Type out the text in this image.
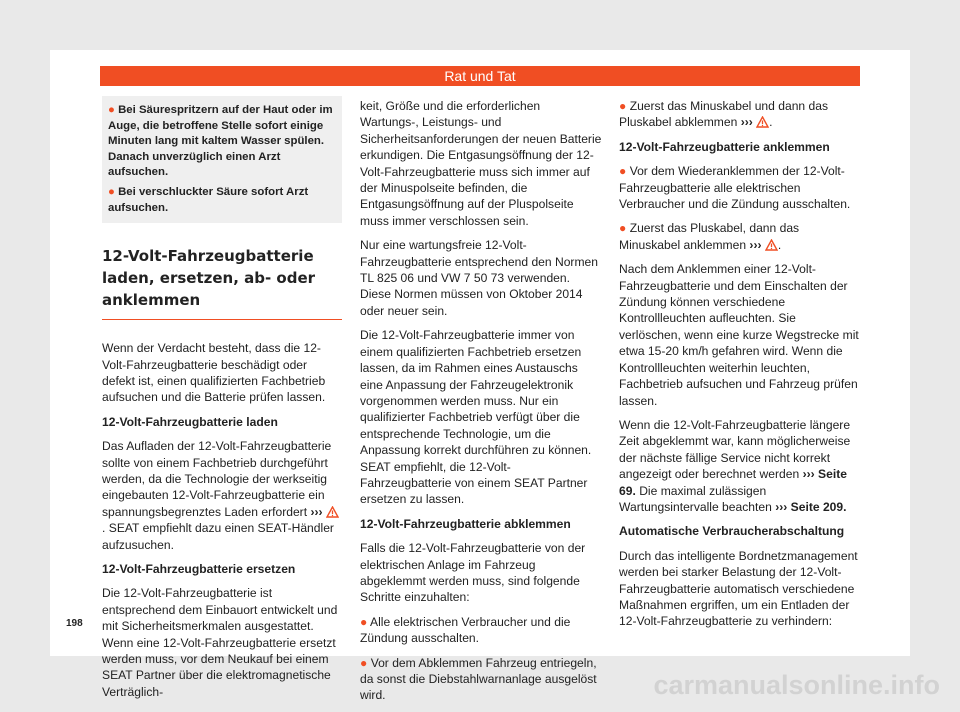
Rat und Tat

● Bei Säurespritzern auf der Haut oder im Auge, die betroffene Stelle sofort einige Minuten lang mit kaltem Wasser spülen. Danach unverzüglich einen Arzt aufsuchen.

● Bei verschluckter Säure sofort Arzt aufsuchen.

12-Volt-Fahrzeugbatterie laden, ersetzen, ab- oder anklemmen

Wenn der Verdacht besteht, dass die 12-Volt-Fahrzeugbatterie beschädigt oder defekt ist, einen qualifizierten Fachbetrieb aufsuchen und die Batterie prüfen lassen.

12-Volt-Fahrzeugbatterie laden

Das Aufladen der 12-Volt-Fahrzeugbatterie sollte von einem Fachbetrieb durchgeführt werden, da die Technologie der werkseitig eingebauten 12-Volt-Fahrzeugbatterie ein spannungsbegrenztes Laden erfordert ››› . SEAT empfiehlt dazu einen SEAT-Händler aufzusuchen.

12-Volt-Fahrzeugbatterie ersetzen

Die 12-Volt-Fahrzeugbatterie ist entsprechend dem Einbauort entwickelt und mit Sicherheitsmerkmalen ausgestattet. Wenn eine 12-Volt-Fahrzeugbatterie ersetzt werden muss, vor dem Neukauf bei einem SEAT Partner über die elektromagnetische Verträglich-

keit, Größe und die erforderlichen Wartungs-, Leistungs- und Sicherheitsanforderungen der neuen Batterie erkundigen. Die Entgasungsöffnung der 12-Volt-Fahrzeugbatterie muss sich immer auf der Minuspolseite befinden, die Entgasungsöffnung auf der Pluspolseite muss immer verschlossen sein.

Nur eine wartungsfreie 12-Volt-Fahrzeugbatterie entsprechend den Normen TL 825 06 und VW 7 50 73 verwenden. Diese Normen müssen von Oktober 2014 oder neuer sein.

Die 12-Volt-Fahrzeugbatterie immer von einem qualifizierten Fachbetrieb ersetzen lassen, da im Rahmen eines Austauschs eine Anpassung der Fahrzeugelektronik vorgenommen werden muss. Nur ein qualifizierter Fachbetrieb verfügt über die entsprechende Technologie, um die Anpassung korrekt durchführen zu können. SEAT empfiehlt, die 12-Volt-Fahrzeugbatterie von einem SEAT Partner ersetzen zu lassen.

12-Volt-Fahrzeugbatterie abklemmen

Falls die 12-Volt-Fahrzeugbatterie von der elektrischen Anlage im Fahrzeug abgeklemmt werden muss, sind folgende Schritte einzuhalten:

● Alle elektrischen Verbraucher und die Zündung ausschalten.

● Vor dem Abklemmen Fahrzeug entriegeln, da sonst die Diebstahlwarnanlage ausgelöst wird.

● Zuerst das Minuskabel und dann das Pluskabel abklemmen ››› .

12-Volt-Fahrzeugbatterie anklemmen

● Vor dem Wiederanklemmen der 12-Volt-Fahrzeugbatterie alle elektrischen Verbraucher und die Zündung ausschalten.

● Zuerst das Pluskabel, dann das Minuskabel anklemmen ››› .

Nach dem Anklemmen einer 12-Volt-Fahrzeugbatterie und dem Einschalten der Zündung können verschiedene Kontrollleuchten aufleuchten. Sie verlöschen, wenn eine kurze Wegstrecke mit etwa 15-20 km/h gefahren wird. Wenn die Kontrollleuchten weiterhin leuchten, Fachbetrieb aufsuchen und Fahrzeug prüfen lassen.

Wenn die 12-Volt-Fahrzeugbatterie längere Zeit abgeklemmt war, kann möglicherweise der nächste fällige Service nicht korrekt angezeigt oder berechnet werden ››› Seite 69. Die maximal zulässigen Wartungsintervalle beachten ››› Seite 209.

Automatische Verbraucherabschaltung

Durch das intelligente Bordnetzmanagement werden bei starker Belastung der 12-Volt-Fahrzeugbatterie automatisch verschiedene Maßnahmen ergriffen, um ein Entladen der 12-Volt-Fahrzeugbatterie zu verhindern:

198
carmanualsonline.info
